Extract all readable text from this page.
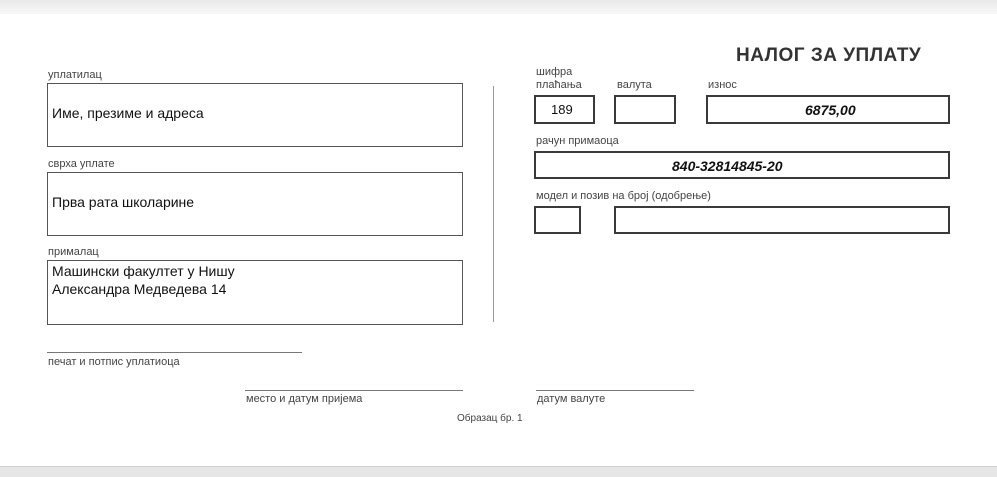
НАЛОГ ЗА УПЛАТУ
уплатилац
Име, презиме и адреса
сврха уплате
Прва рата школарине
прималац
Машински факултет у Нишу
Александра Медведева 14
шифра
плаћања
189
валута	износ
6875,00
рачун примаоца
840-32814845-20
модел и позив на број (одобрење)
печат и потпис уплатиоца
место и датум пријема	датум валуте
Образац бр. 1
